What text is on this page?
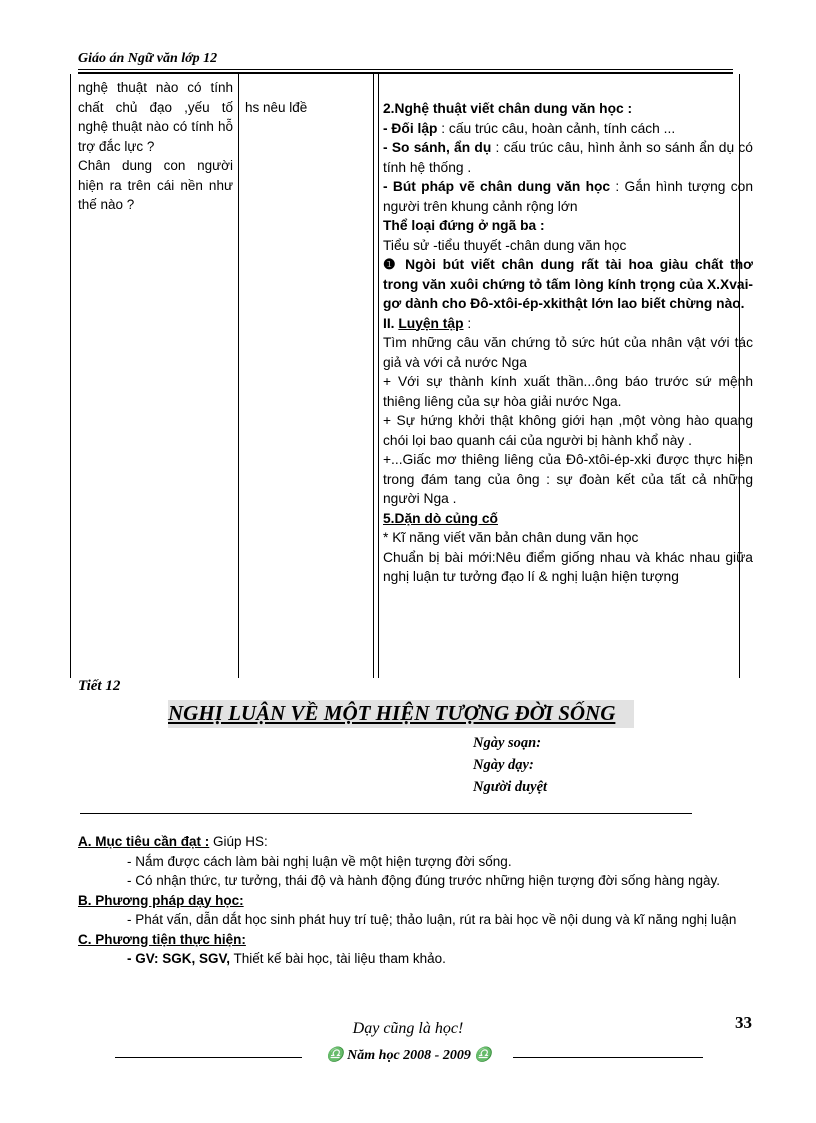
Giáo án Ngữ văn lớp 12

nghệ thuật nào có tính chất chủ đạo ,yếu tố nghệ thuật nào có tính hỗ trợ đắc lực ?

Chân dung con người hiện ra trên cái nền như thế nào ?

hs nêu lđề	2.Nghệ thuật viết chân dung văn học :

- Đối lập : cấu trúc câu, hoàn cảnh, tính cách ...

- So sánh, ẩn dụ : cấu trúc câu, hình ảnh so sánh ẩn dụ có tính hệ thống .

- Bút pháp vẽ chân dung văn học : Gắn hình tượng con người trên khung cảnh rộng lớn

Thể loại đứng ở ngã ba :

Tiểu sử -tiểu thuyết -chân dung văn học

❶ Ngòi bút viết chân dung rất tài hoa giàu chất thơ trong văn xuôi chứng tỏ tấm lòng kính trọng của X.Xvai-gơ dành cho Đô-xtôi-ép-xkithật lớn lao biết chừng nào.

II. Luyện tập :

Tìm những câu văn chứng tỏ sức hút của nhân vật với tác giả và với cả nước Nga

+ Với sự thành kính xuất thần...ông báo trước sứ mệnh thiêng liêng của sự hòa giải nước Nga.

+ Sự hứng khởi thật không giới hạn ,một vòng hào quang chói lọi bao quanh cái của người bị hành khổ này .

+...Giấc mơ thiêng liêng của Đô-xtôi-ép-xki được thực hiện trong đám tang của ông : sự đoàn kết của tất cả những người Nga .

5.Dặn dò củng cố

* Kĩ năng viết văn bản chân dung văn học

Chuẩn bị bài mới:Nêu điểm giống nhau và khác nhau giữa nghị luận tư tưởng đạo lí & nghị luận hiện tượng

Tiết 12
NGHỊ LUẬN VỀ MỘT HIỆN TƯỢNG ĐỜI SỐNG
Ngày soạn:
Ngày dạy:
Người duyệt

A. Mục tiêu cần đạt : Giúp HS:

- Nắm được cách làm bài nghị luận về một hiện tượng đời sống.

- Có nhận thức, tư tưởng, thái độ và hành động đúng trước những hiện tượng đời sống hàng ngày.

B. Phương pháp dạy học:

- Phát vấn, dẫn dắt học sinh phát huy trí tuệ; thảo luận, rút ra bài học về nội dung và kĩ năng nghị luận

C. Phương tiện thực hiện:

- GV: SGK, SGV, Thiết kế bài học, tài liệu tham khảo.

33
Dạy cũng là học!
♎ Năm học 2008 - 2009 ♎
